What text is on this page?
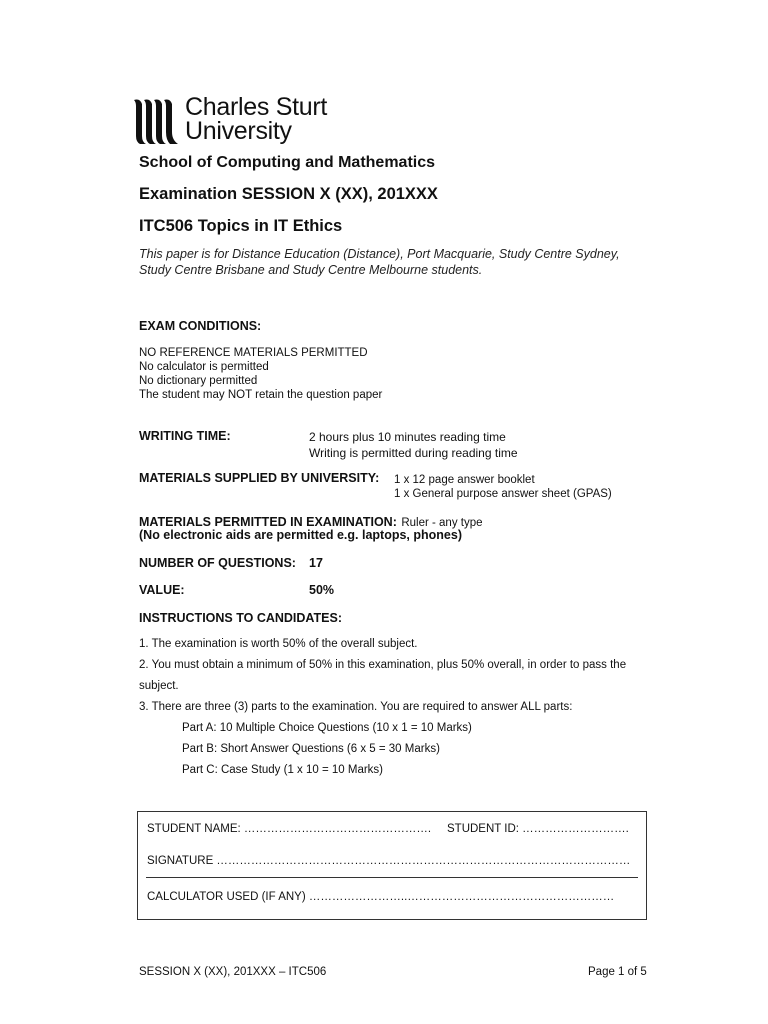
Charles Sturt
University
School of Computing and Mathematics
Examination SESSION X (XX), 201XXX
ITC506 Topics in IT Ethics
This paper is for Distance Education (Distance), Port Macquarie, Study Centre Sydney,
Study Centre Brisbane and Study Centre Melbourne students.
EXAM CONDITIONS:
NO REFERENCE MATERIALS PERMITTED
No calculator is permitted
No dictionary permitted
The student may NOT retain the question paper
WRITING TIME:	2 hours plus 10 minutes reading time
Writing is permitted during reading time
MATERIALS SUPPLIED BY UNIVERSITY: 1 x 12 page answer booklet
1 x General purpose answer sheet (GPAS)
MATERIALS PERMITTED IN EXAMINATION: Ruler - any type
(No electronic aids are permitted e.g. laptops, phones)
NUMBER OF QUESTIONS: 17
VALUE:	50%
INSTRUCTIONS TO CANDIDATES:
1. The examination is worth 50% of the overall subject.
2. You must obtain a minimum of 50% in this examination, plus 50% overall, in order to pass the
subject.
3. There are three (3) parts to the examination. You are required to answer ALL parts:
Part A: 10 Multiple Choice Questions (10 x 1 = 10 Marks)
Part B: Short Answer Questions (6 x 5 = 30 Marks)
Part C: Case Study (1 x 10 = 10 Marks)
STUDENT NAME: …………………………………………. STUDENT ID: ……………………….
SIGNATURE ………………………………………………………………………………………………
CALCULATOR USED (IF ANY) ……………………..………………………………………………
SESSION X (XX), 201XXX – ITC506	Page 1 of 5
